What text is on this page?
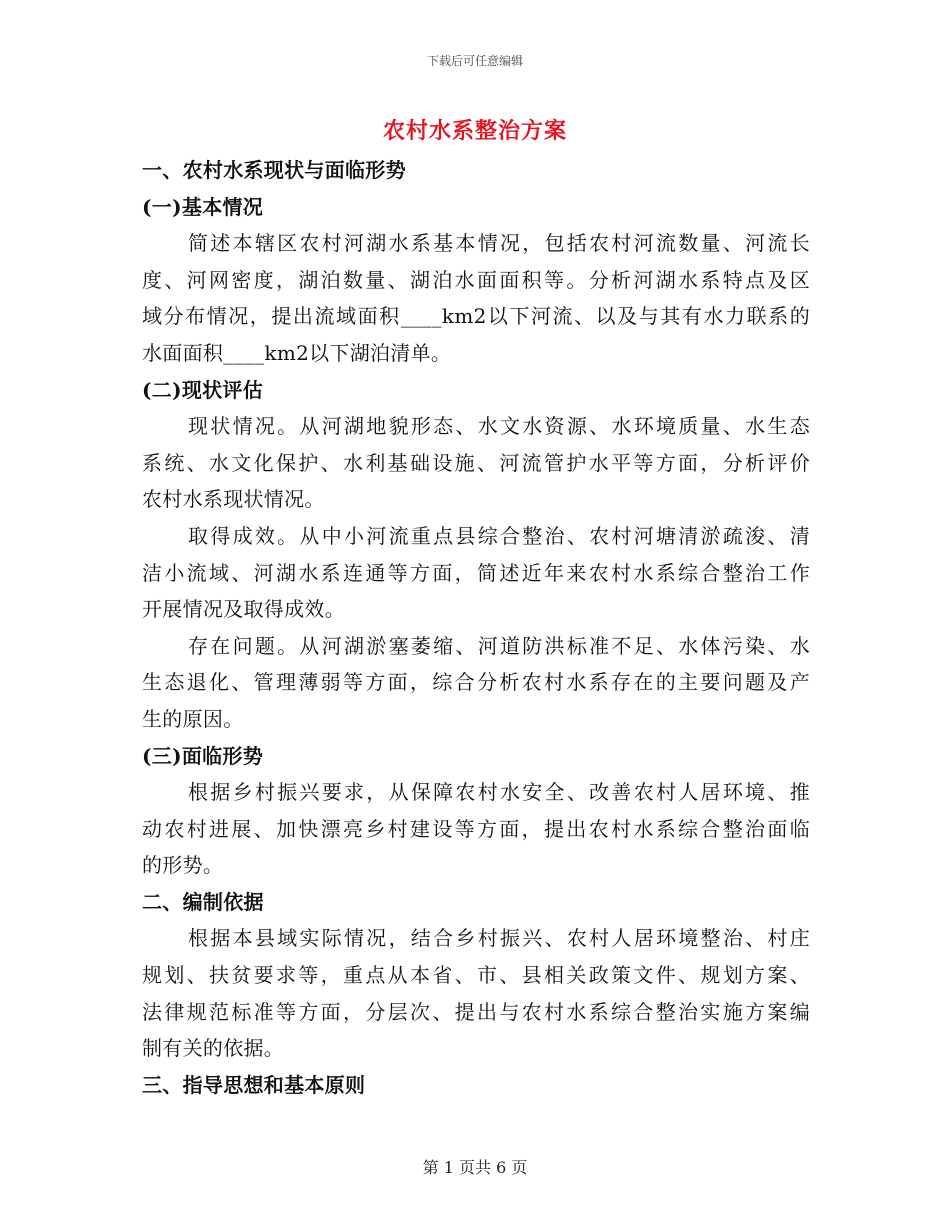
下载后可任意编辑
农村水系整治方案
一、农村水系现状与面临形势
(一)基本情况
简述本辖区农村河湖水系基本情况，包括农村河流数量、河流长
度、河网密度，湖泊数量、湖泊水面面积等。分析河湖水系特点及区
域分布情况，提出流域面积____km2以下河流、以及与其有水力联系的
水面面积____km2以下湖泊清单。
(二)现状评估
现状情况。从河湖地貌形态、水文水资源、水环境质量、水生态
系统、水文化保护、水利基础设施、河流管护水平等方面，分析评价
农村水系现状情况。
取得成效。从中小河流重点县综合整治、农村河塘清淤疏浚、清
洁小流域、河湖水系连通等方面，简述近年来农村水系综合整治工作
开展情况及取得成效。
存在问题。从河湖淤塞萎缩、河道防洪标准不足、水体污染、水
生态退化、管理薄弱等方面，综合分析农村水系存在的主要问题及产
生的原因。
(三)面临形势
根据乡村振兴要求，从保障农村水安全、改善农村人居环境、推
动农村进展、加快漂亮乡村建设等方面，提出农村水系综合整治面临
的形势。
二、编制依据
根据本县域实际情况，结合乡村振兴、农村人居环境整治、村庄
规划、扶贫要求等，重点从本省、市、县相关政策文件、规划方案、
法律规范标准等方面，分层次、提出与农村水系综合整治实施方案编
制有关的依据。
三、指导思想和基本原则
第 1 页共 6 页
